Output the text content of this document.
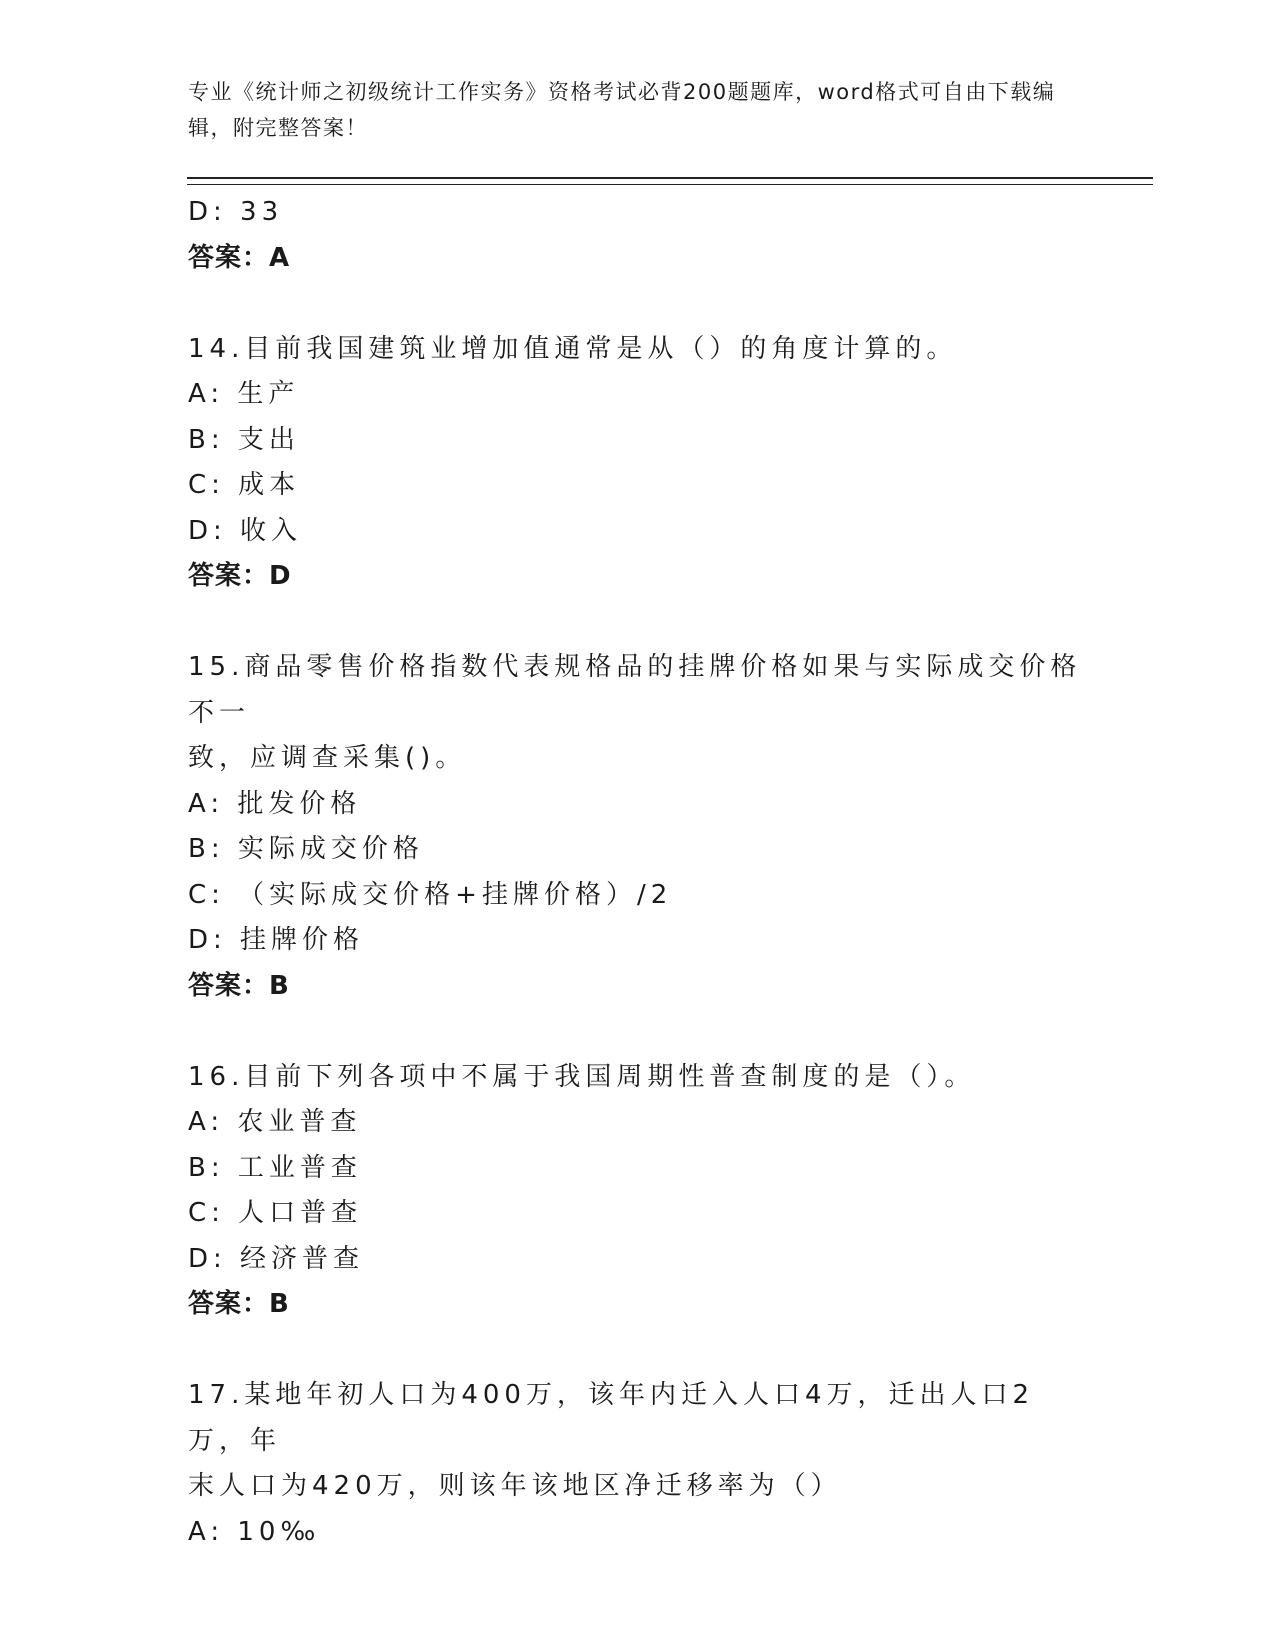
专业《统计师之初级统计工作实务》资格考试必背200题题库，word格式可自由下载编辑，附完整答案！

D: 33

答案：A

14.目前我国建筑业增加值通常是从（）的角度计算的。

A: 生产

B: 支出

C: 成本

D: 收入

答案：D

15.商品零售价格指数代表规格品的挂牌价格如果与实际成交价格不一

致，应调查采集()。

A: 批发价格

B: 实际成交价格

C: （实际成交价格+挂牌价格）/2

D: 挂牌价格

答案：B

16.目前下列各项中不属于我国周期性普查制度的是（）。

A: 农业普查

B: 工业普查

C: 人口普查

D: 经济普查

答案：B

17.某地年初人口为400万，该年内迁入人口4万，迁出人口2万，年

末人口为420万，则该年该地区净迁移率为（）

A: 10‰
